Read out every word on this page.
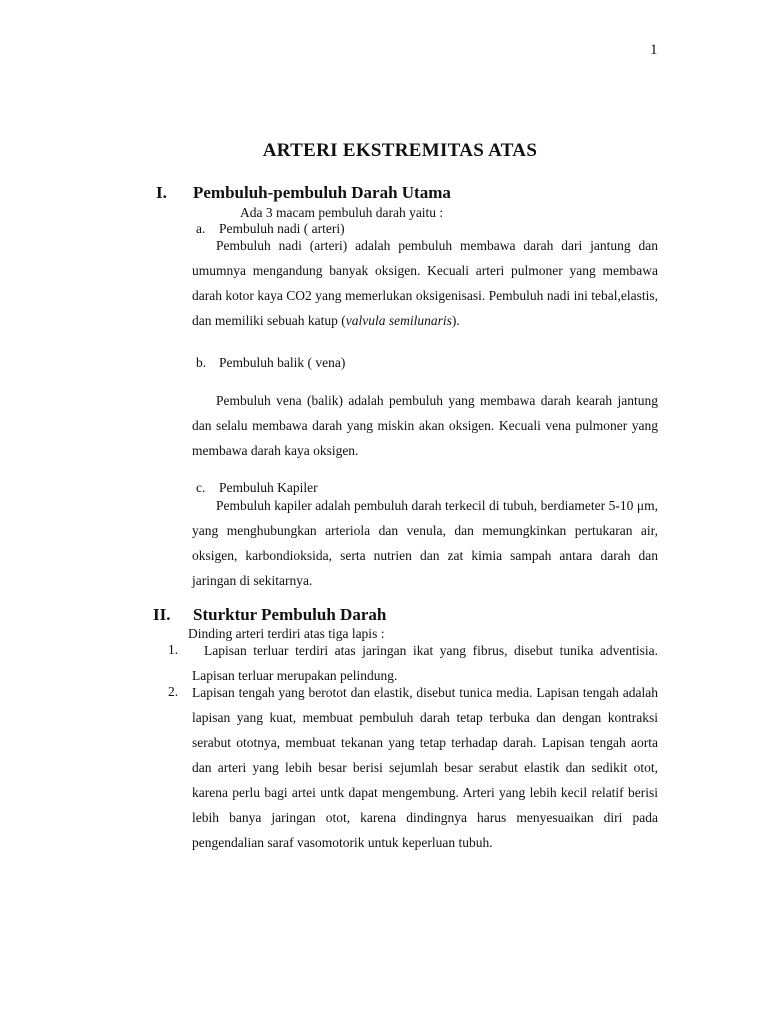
1
ARTERI EKSTREMITAS ATAS
I. Pembuluh-pembuluh Darah Utama
Ada 3 macam pembuluh darah yaitu :
a. Pembuluh nadi ( arteri)
Pembuluh nadi (arteri) adalah pembuluh membawa darah dari jantung dan umumnya mengandung banyak oksigen. Kecuali arteri pulmoner yang membawa darah kotor kaya CO2 yang memerlukan oksigenisasi. Pembuluh nadi ini tebal,elastis, dan memiliki sebuah katup (valvula semilunaris).
b. Pembuluh balik ( vena)
Pembuluh vena (balik) adalah pembuluh yang membawa darah kearah jantung dan selalu membawa darah yang miskin akan oksigen. Kecuali vena pulmoner yang membawa darah kaya oksigen.
c. Pembuluh Kapiler
Pembuluh kapiler adalah pembuluh darah terkecil di tubuh, berdiameter 5-10 μm, yang menghubungkan arteriola dan venula, dan memungkinkan pertukaran air, oksigen, karbondioksida, serta nutrien dan zat kimia sampah antara darah dan jaringan di sekitarnya.
II. Sturktur Pembuluh Darah
Dinding arteri terdiri atas tiga lapis :
1.	Lapisan terluar terdiri atas jaringan ikat yang fibrus, disebut tunika adventisia. Lapisan terluar merupakan pelindung.
2. Lapisan tengah yang berotot dan elastik, disebut tunica media. Lapisan tengah adalah lapisan yang kuat, membuat pembuluh darah tetap terbuka dan dengan kontraksi serabut ototnya, membuat tekanan yang tetap terhadap darah. Lapisan tengah aorta dan arteri yang lebih besar berisi sejumlah besar serabut elastik dan sedikit otot, karena perlu bagi artei untk dapat mengembung. Arteri yang lebih kecil relatif berisi lebih banya jaringan otot, karena dindingnya harus menyesuaikan diri pada pengendalian saraf vasomotorik untuk keperluan tubuh.
